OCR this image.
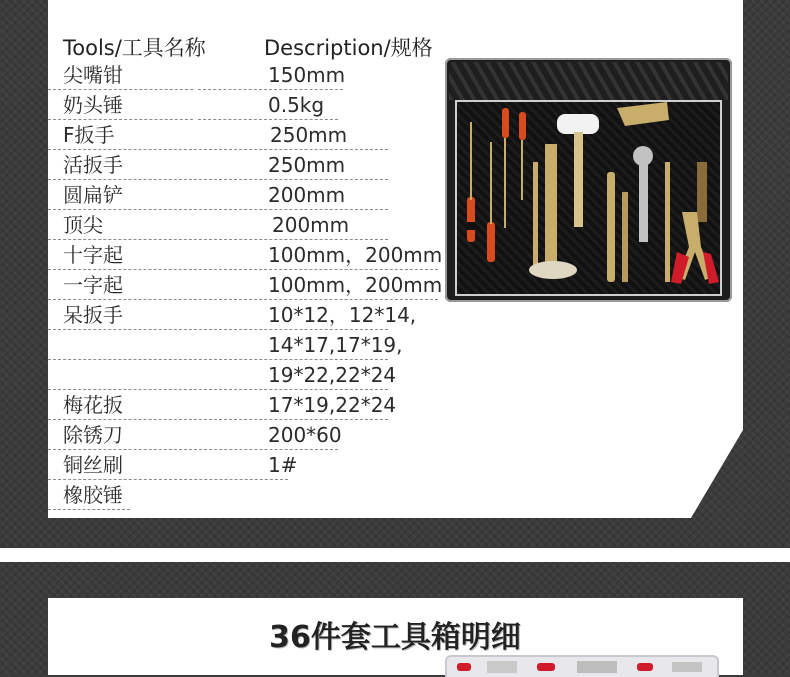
Tools/工具名称	Description/规格
尖嘴钳	150mm
奶头锤	0.5kg
F扳手	250mm
活扳手	250mm
圆扁铲	200mm
顶尖	200mm
十字起	100mm，200mm
一字起	100mm，200mm
呆扳手	10*12，12*14,
14*17,17*19,
19*22,22*24
梅花扳	17*19,22*24
除锈刀	200*60
铜丝刷	1#
橡胶锤
36件套工具箱明细
